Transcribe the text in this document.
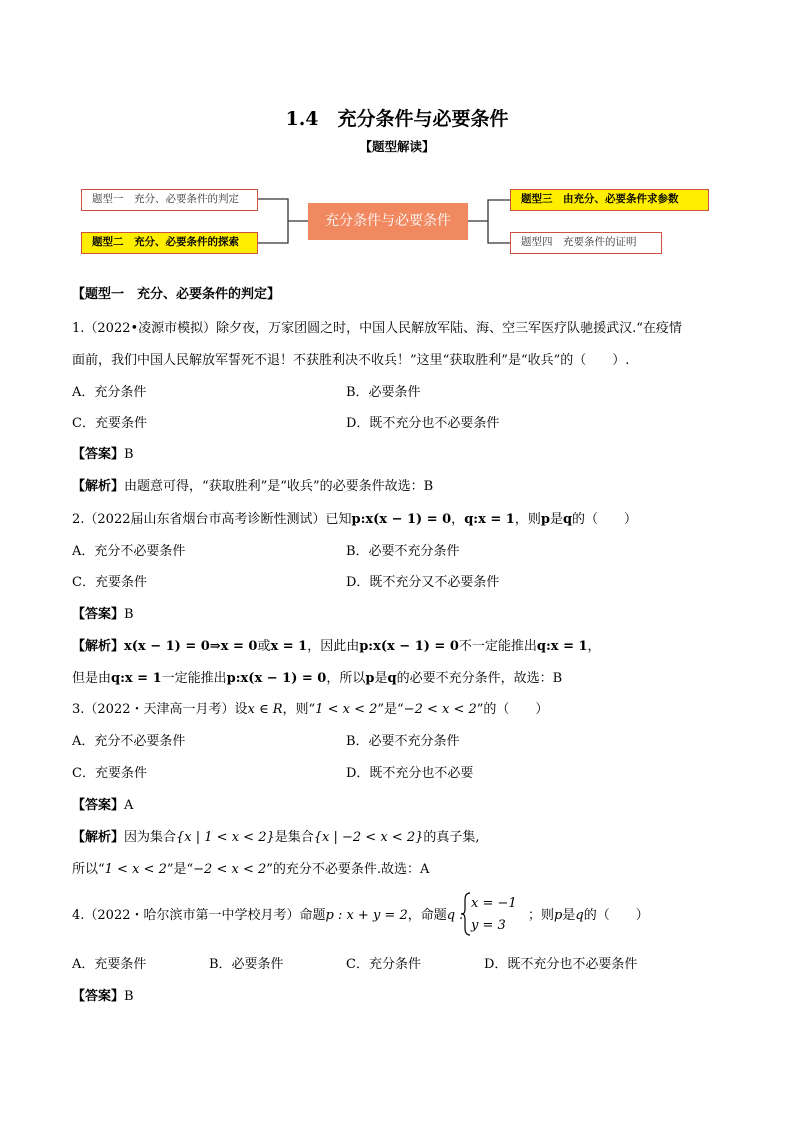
1.4　充分条件与必要条件
【题型解读】
题型一　充分、必要条件的判定
题型二　充分、必要条件的探索
充分条件与必要条件
题型三　由充分、必要条件求参数
题型四　充要条件的证明
【题型一　充分、必要条件的判定】
1.（2022•凌源市模拟）除夕夜，万家团圆之时，中国人民解放军陆、海、空三军医疗队驰援武汉.“在疫情
面前，我们中国人民解放军誓死不退！不获胜利决不收兵！”这里“获取胜利”是“收兵”的（　　）.
A．充分条件	B．必要条件
C．充要条件	D．既不充分也不必要条件
【答案】B
【解析】由题意可得，“获取胜利”是“收兵”的必要条件故选：B
2.（2022届山东省烟台市高考诊断性测试）已知p:x(x − 1) = 0，q:x = 1，则p是q的（　　）
A．充分不必要条件	B．必要不充分条件
C．充要条件	D．既不充分又不必要条件
【答案】B
【解析】x(x − 1) = 0⇒x = 0或x = 1，因此由p:x(x − 1) = 0不一定能推出q:x = 1，
但是由q:x = 1一定能推出p:x(x − 1) = 0，所以p是q的必要不充分条件，故选：B
3.（2022・天津高一月考）设x ∈ R，则“1 < x < 2”是“−2 < x < 2”的（　　）
A．充分不必要条件	B．必要不充分条件
C．充要条件	D．既不充分也不必要
【答案】A
【解析】因为集合{x | 1 < x < 2}是集合{x | −2 < x < 2}的真子集,
所以“1 < x < 2”是“−2 < x < 2”的充分不必要条件.故选：A
4.（2022・哈尔滨市第一中学校月考）命题p : x + y = 2，命题q :
x = −1
y = 3
；则p是q的（　　）
A．充要条件	B．必要条件	C．充分条件	D．既不充分也不必要条件
【答案】B
